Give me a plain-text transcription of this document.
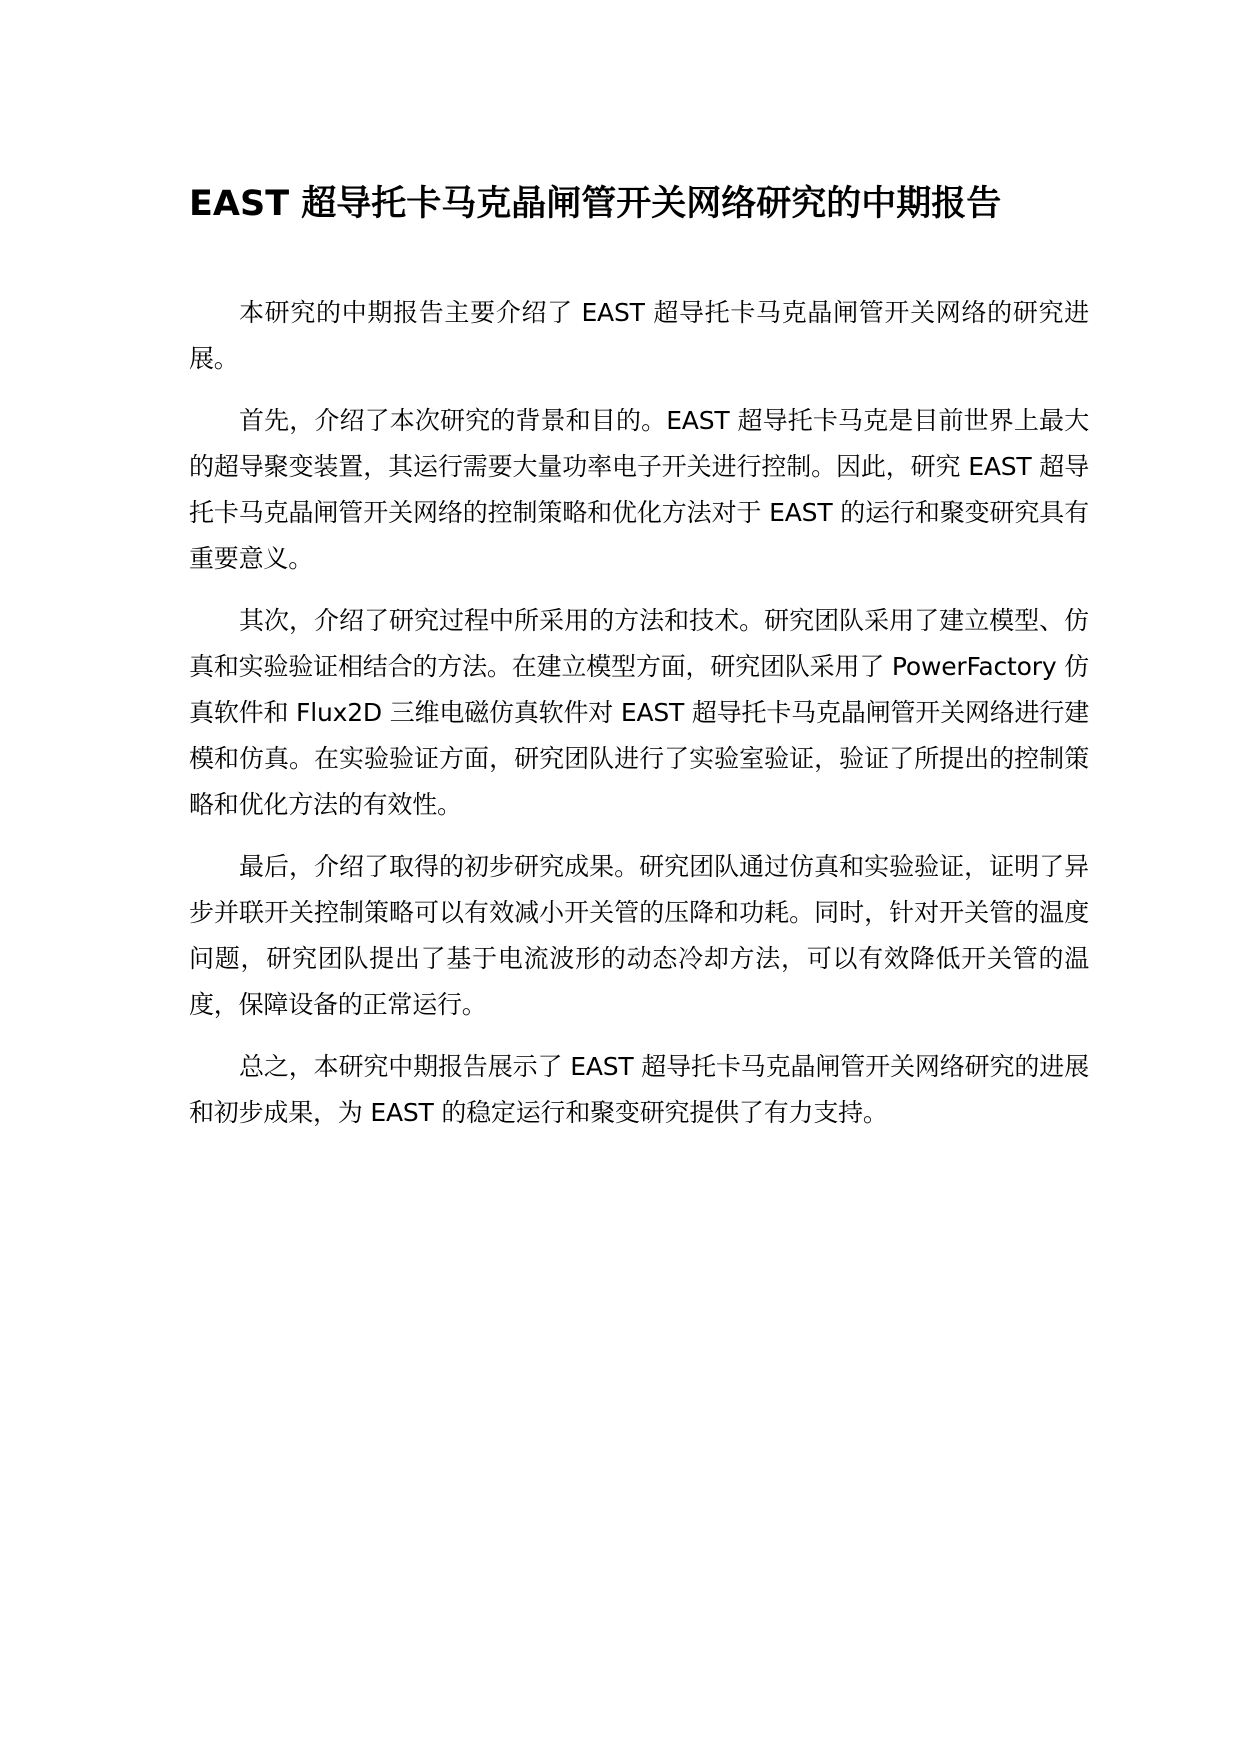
EAST 超导托卡马克晶闸管开关网络研究的中期报告

本研究的中期报告主要介绍了 EAST 超导托卡马克晶闸管开关网络的研究进展。

首先，介绍了本次研究的背景和目的。EAST 超导托卡马克是目前世界上最大的超导聚变装置，其运行需要大量功率电子开关进行控制。因此，研究 EAST 超导托卡马克晶闸管开关网络的控制策略和优化方法对于 EAST 的运行和聚变研究具有重要意义。

其次，介绍了研究过程中所采用的方法和技术。研究团队采用了建立模型、仿真和实验验证相结合的方法。在建立模型方面，研究团队采用了 PowerFactory 仿真软件和 Flux2D 三维电磁仿真软件对 EAST 超导托卡马克晶闸管开关网络进行建模和仿真。在实验验证方面，研究团队进行了实验室验证，验证了所提出的控制策略和优化方法的有效性。

最后，介绍了取得的初步研究成果。研究团队通过仿真和实验验证，证明了异步并联开关控制策略可以有效减小开关管的压降和功耗。同时，针对开关管的温度问题，研究团队提出了基于电流波形的动态冷却方法，可以有效降低开关管的温度，保障设备的正常运行。

总之，本研究中期报告展示了 EAST 超导托卡马克晶闸管开关网络研究的进展和初步成果，为 EAST 的稳定运行和聚变研究提供了有力支持。
